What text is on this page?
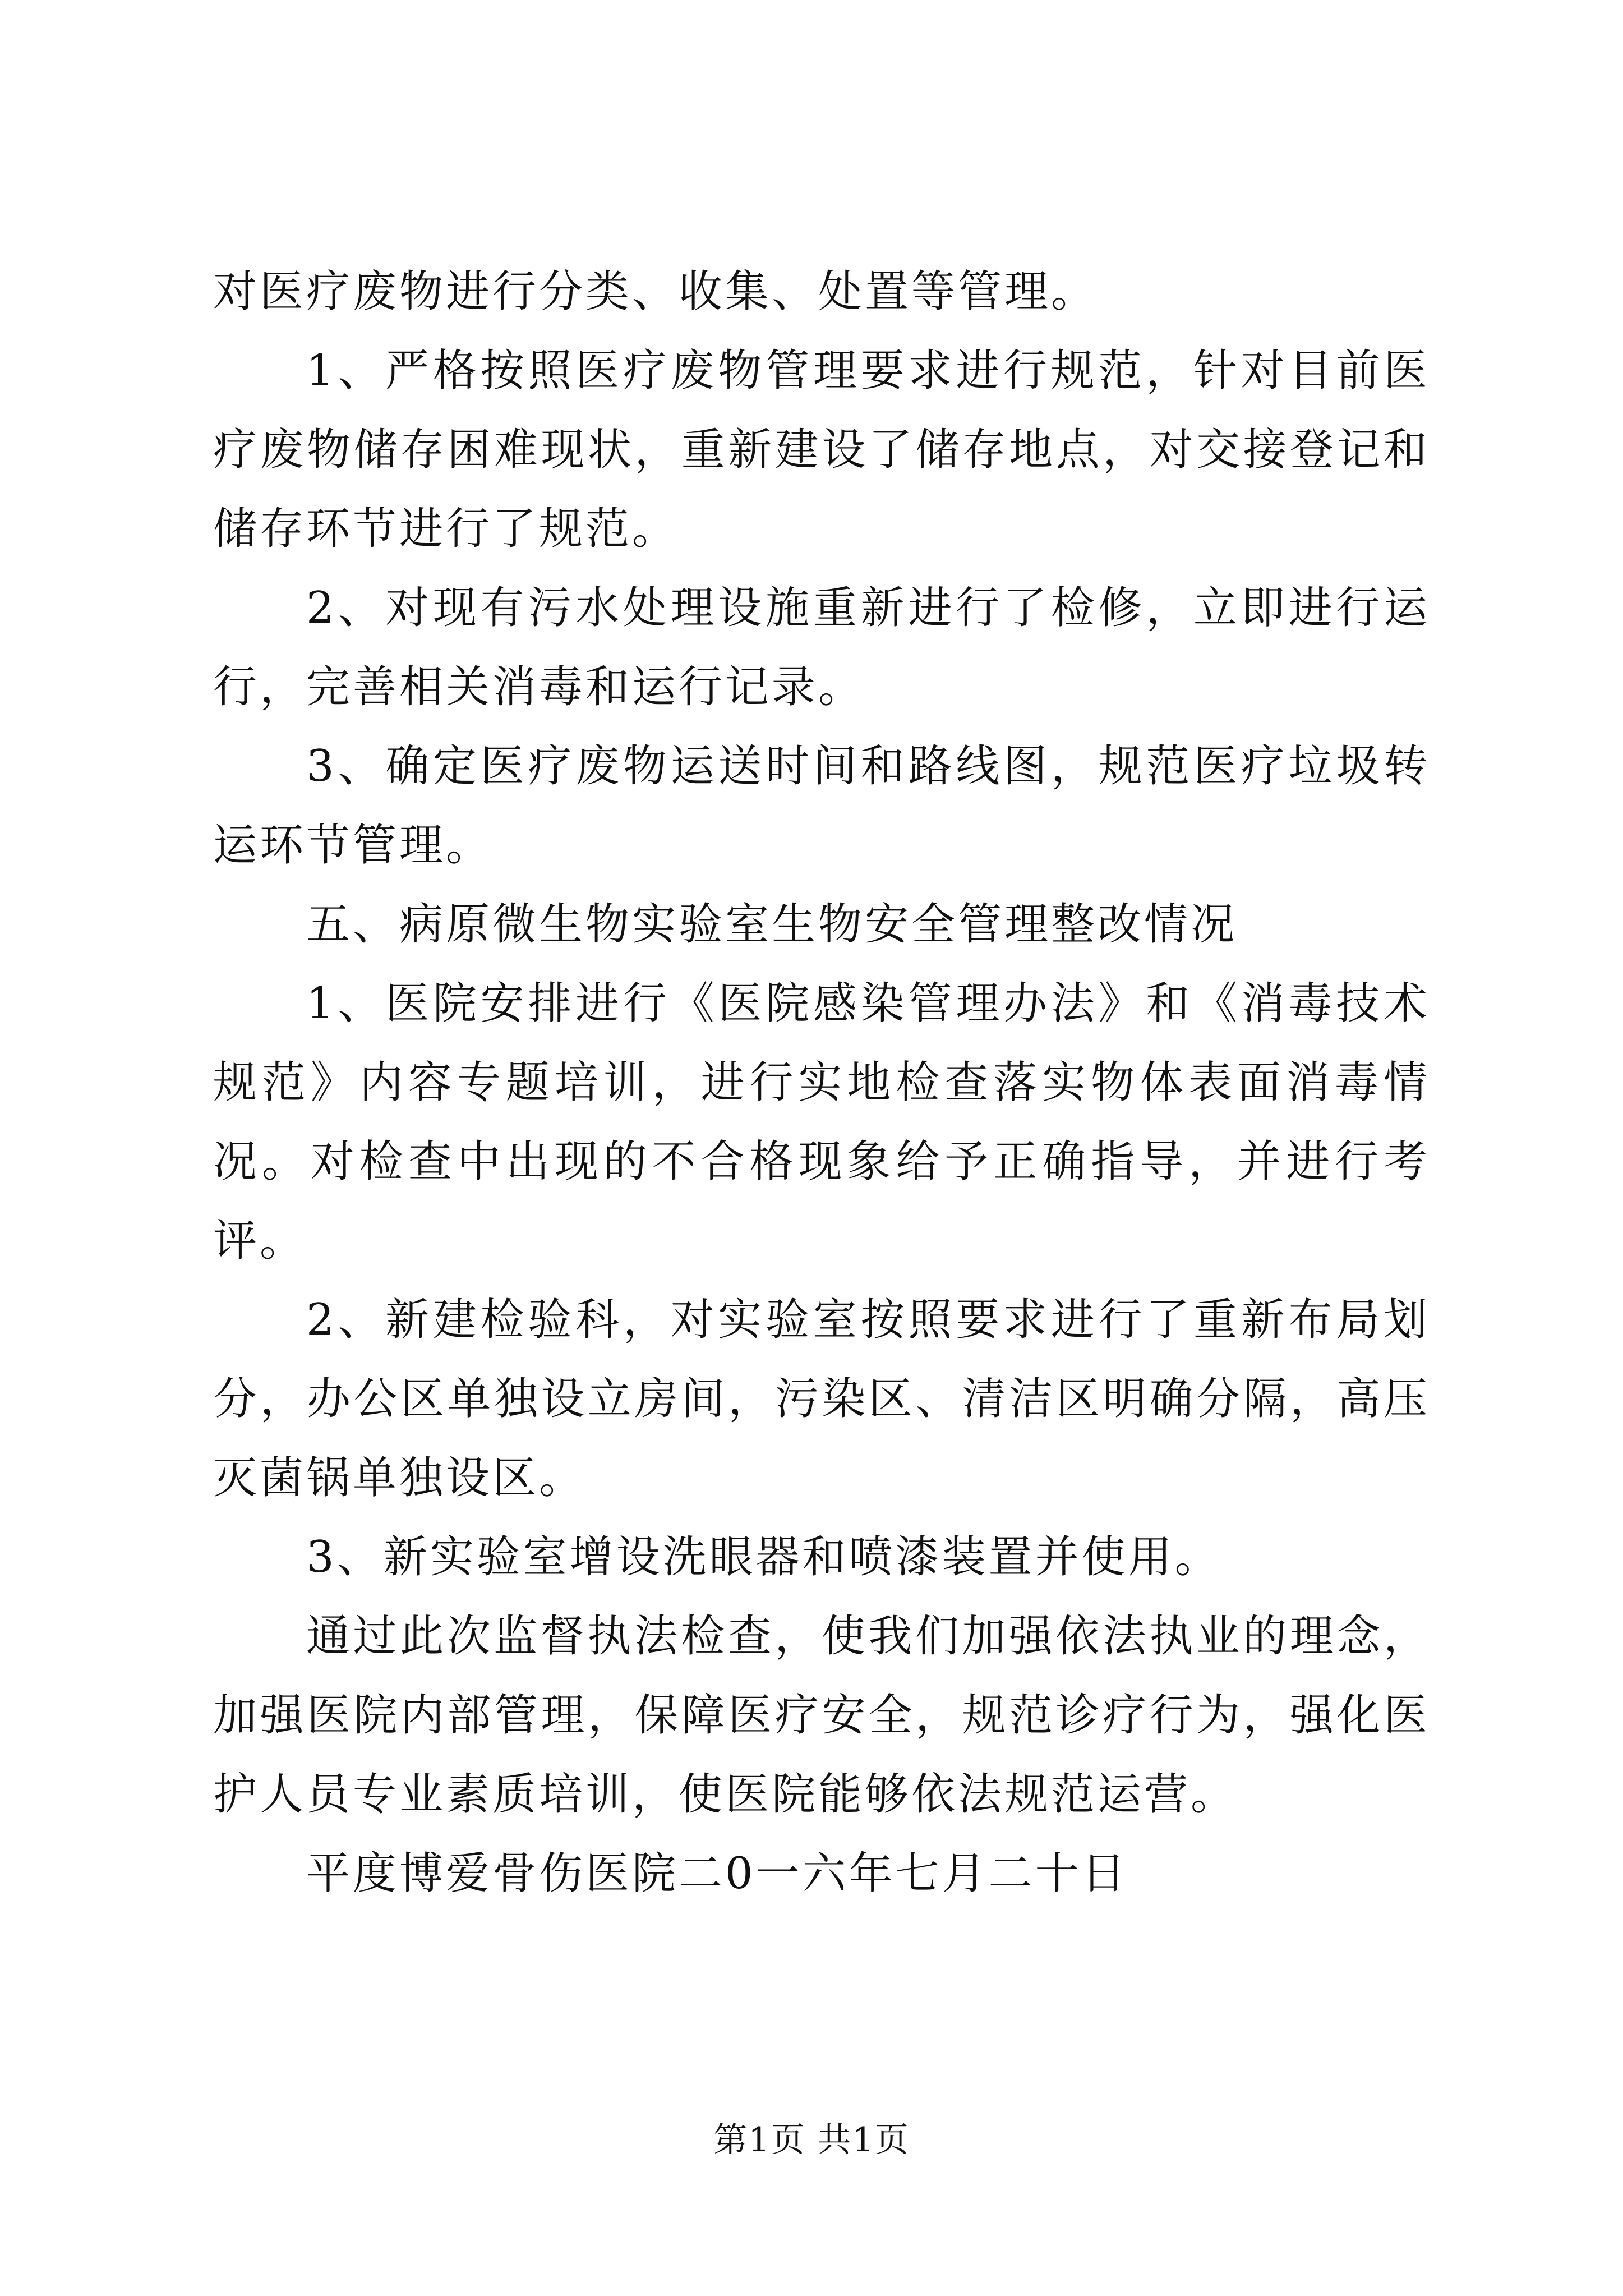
对医疗废物进行分类、收集、处置等管理。

1、严格按照医疗废物管理要求进行规范，针对目前医疗废物储存困难现状，重新建设了储存地点，对交接登记和储存环节进行了规范。

2、对现有污水处理设施重新进行了检修，立即进行运行，完善相关消毒和运行记录。

3、确定医疗废物运送时间和路线图，规范医疗垃圾转运环节管理。

五、病原微生物实验室生物安全管理整改情况

1、医院安排进行《医院感染管理办法》和《消毒技术规范》内容专题培训，进行实地检查落实物体表面消毒情况。对检查中出现的不合格现象给予正确指导，并进行考评。

2、新建检验科，对实验室按照要求进行了重新布局划分，办公区单独设立房间，污染区、清洁区明确分隔，高压灭菌锅单独设区。

3、新实验室增设洗眼器和喷漆装置并使用。

通过此次监督执法检查，使我们加强依法执业的理念，加强医院内部管理，保障医疗安全，规范诊疗行为，强化医护人员专业素质培训，使医院能够依法规范运营。

平度博爱骨伤医院二0一六年七月二十日

第1页 共1页
